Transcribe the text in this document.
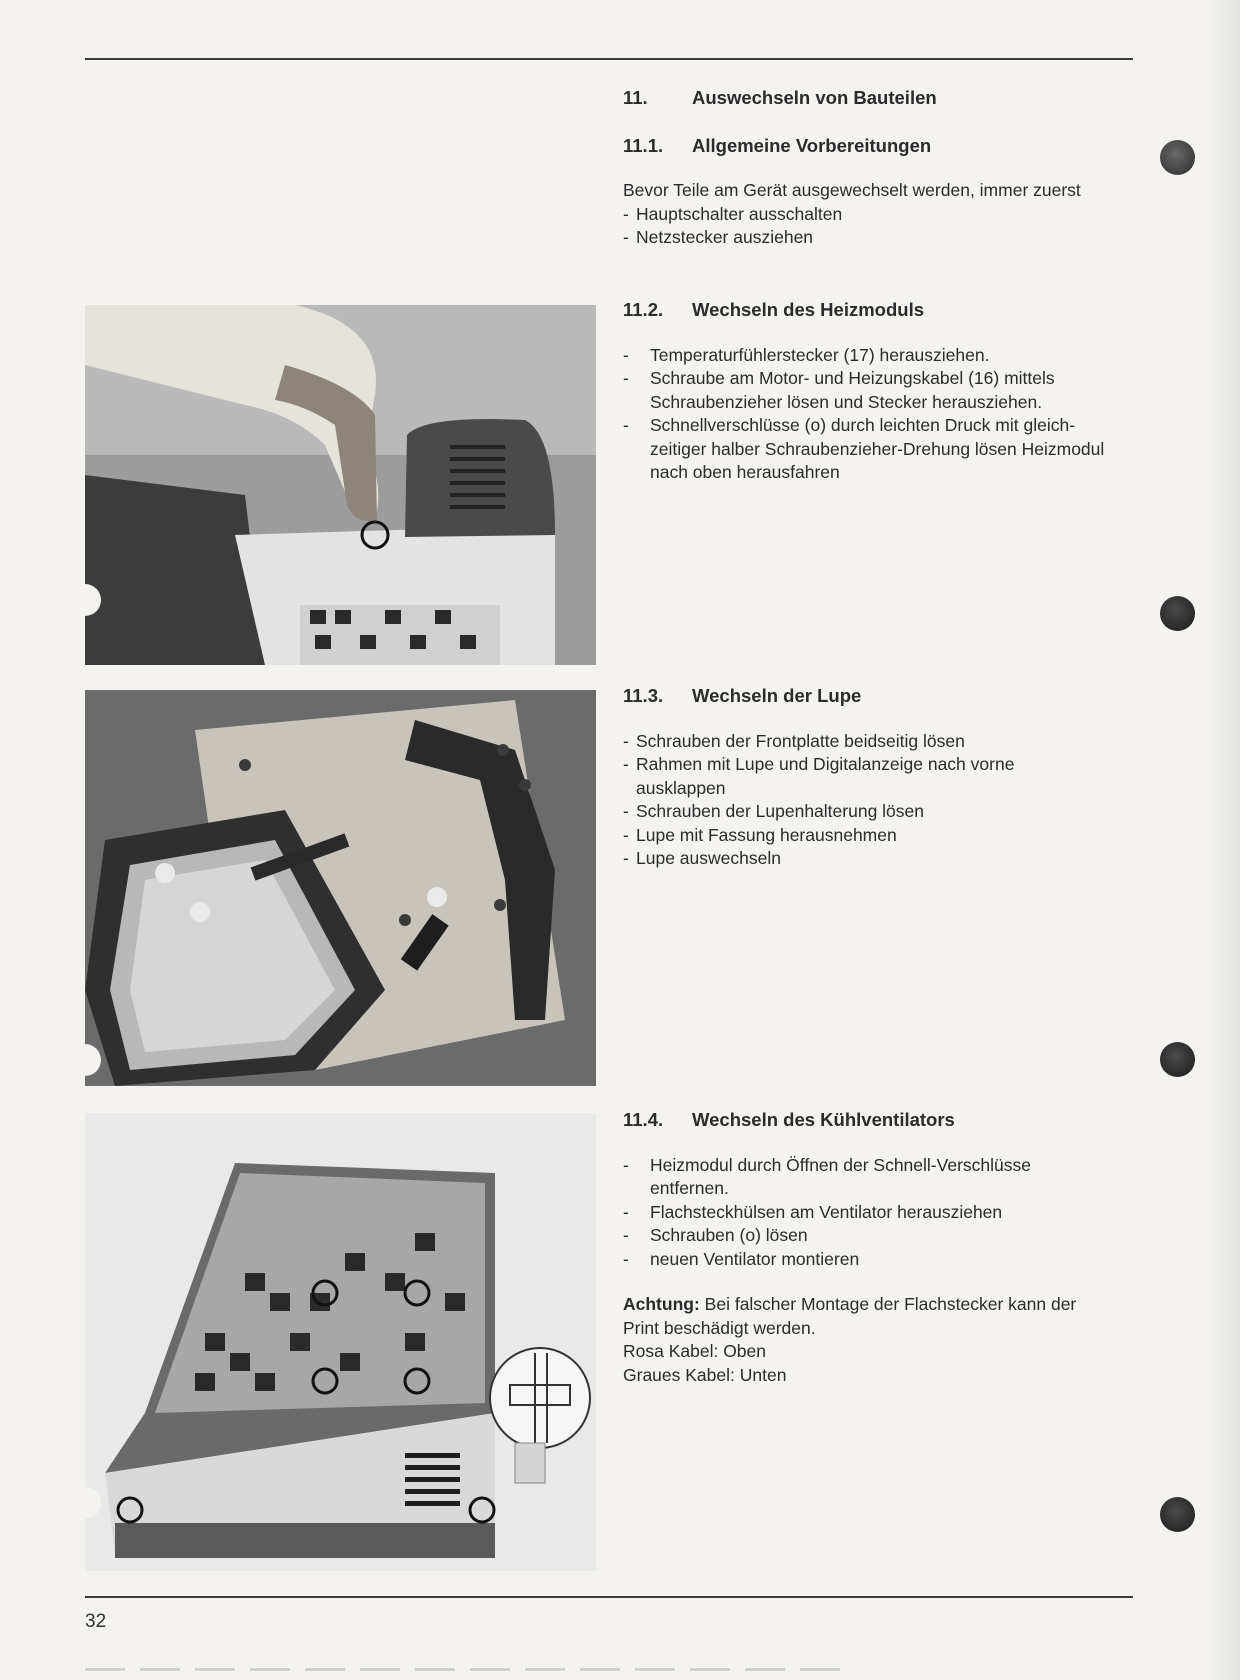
11.	Auswechseln von Bauteilen

11.1.	Allgemeine Vorbereitungen

Bevor Teile am Gerät ausgewechselt werden, immer zuerst

- Hauptschalter ausschalten
- Netzstecker ausziehen

11.2.	Wechseln des Heizmoduls

-	Temperaturfühlerstecker (17) herausziehen.
-	Schraube am Motor- und Heizungskabel (16) mittels Schraubenzieher lösen und Stecker herausziehen.
-	Schnellverschlüsse (o) durch leichten Druck mit gleich-zeitiger halber Schraubenzieher-Drehung lösen Heizmodul nach oben herausfahren

11.3.	Wechseln der Lupe

- Schrauben der Frontplatte beidseitig lösen
- Rahmen mit Lupe und Digitalanzeige nach vorne ausklappen
- Schrauben der Lupenhalterung lösen
- Lupe mit Fassung herausnehmen
- Lupe auswechseln

11.4.	Wechseln des Kühlventilators

-	Heizmodul durch Öffnen der Schnell-Verschlüsse entfernen.
-	Flachsteckhülsen am Ventilator herausziehen
-	Schrauben (o) lösen
-	neuen Ventilator montieren

Achtung: Bei falscher Montage der Flachstecker kann der Print beschädigt werden.

Rosa Kabel: Oben

Graues Kabel: Unten

32
